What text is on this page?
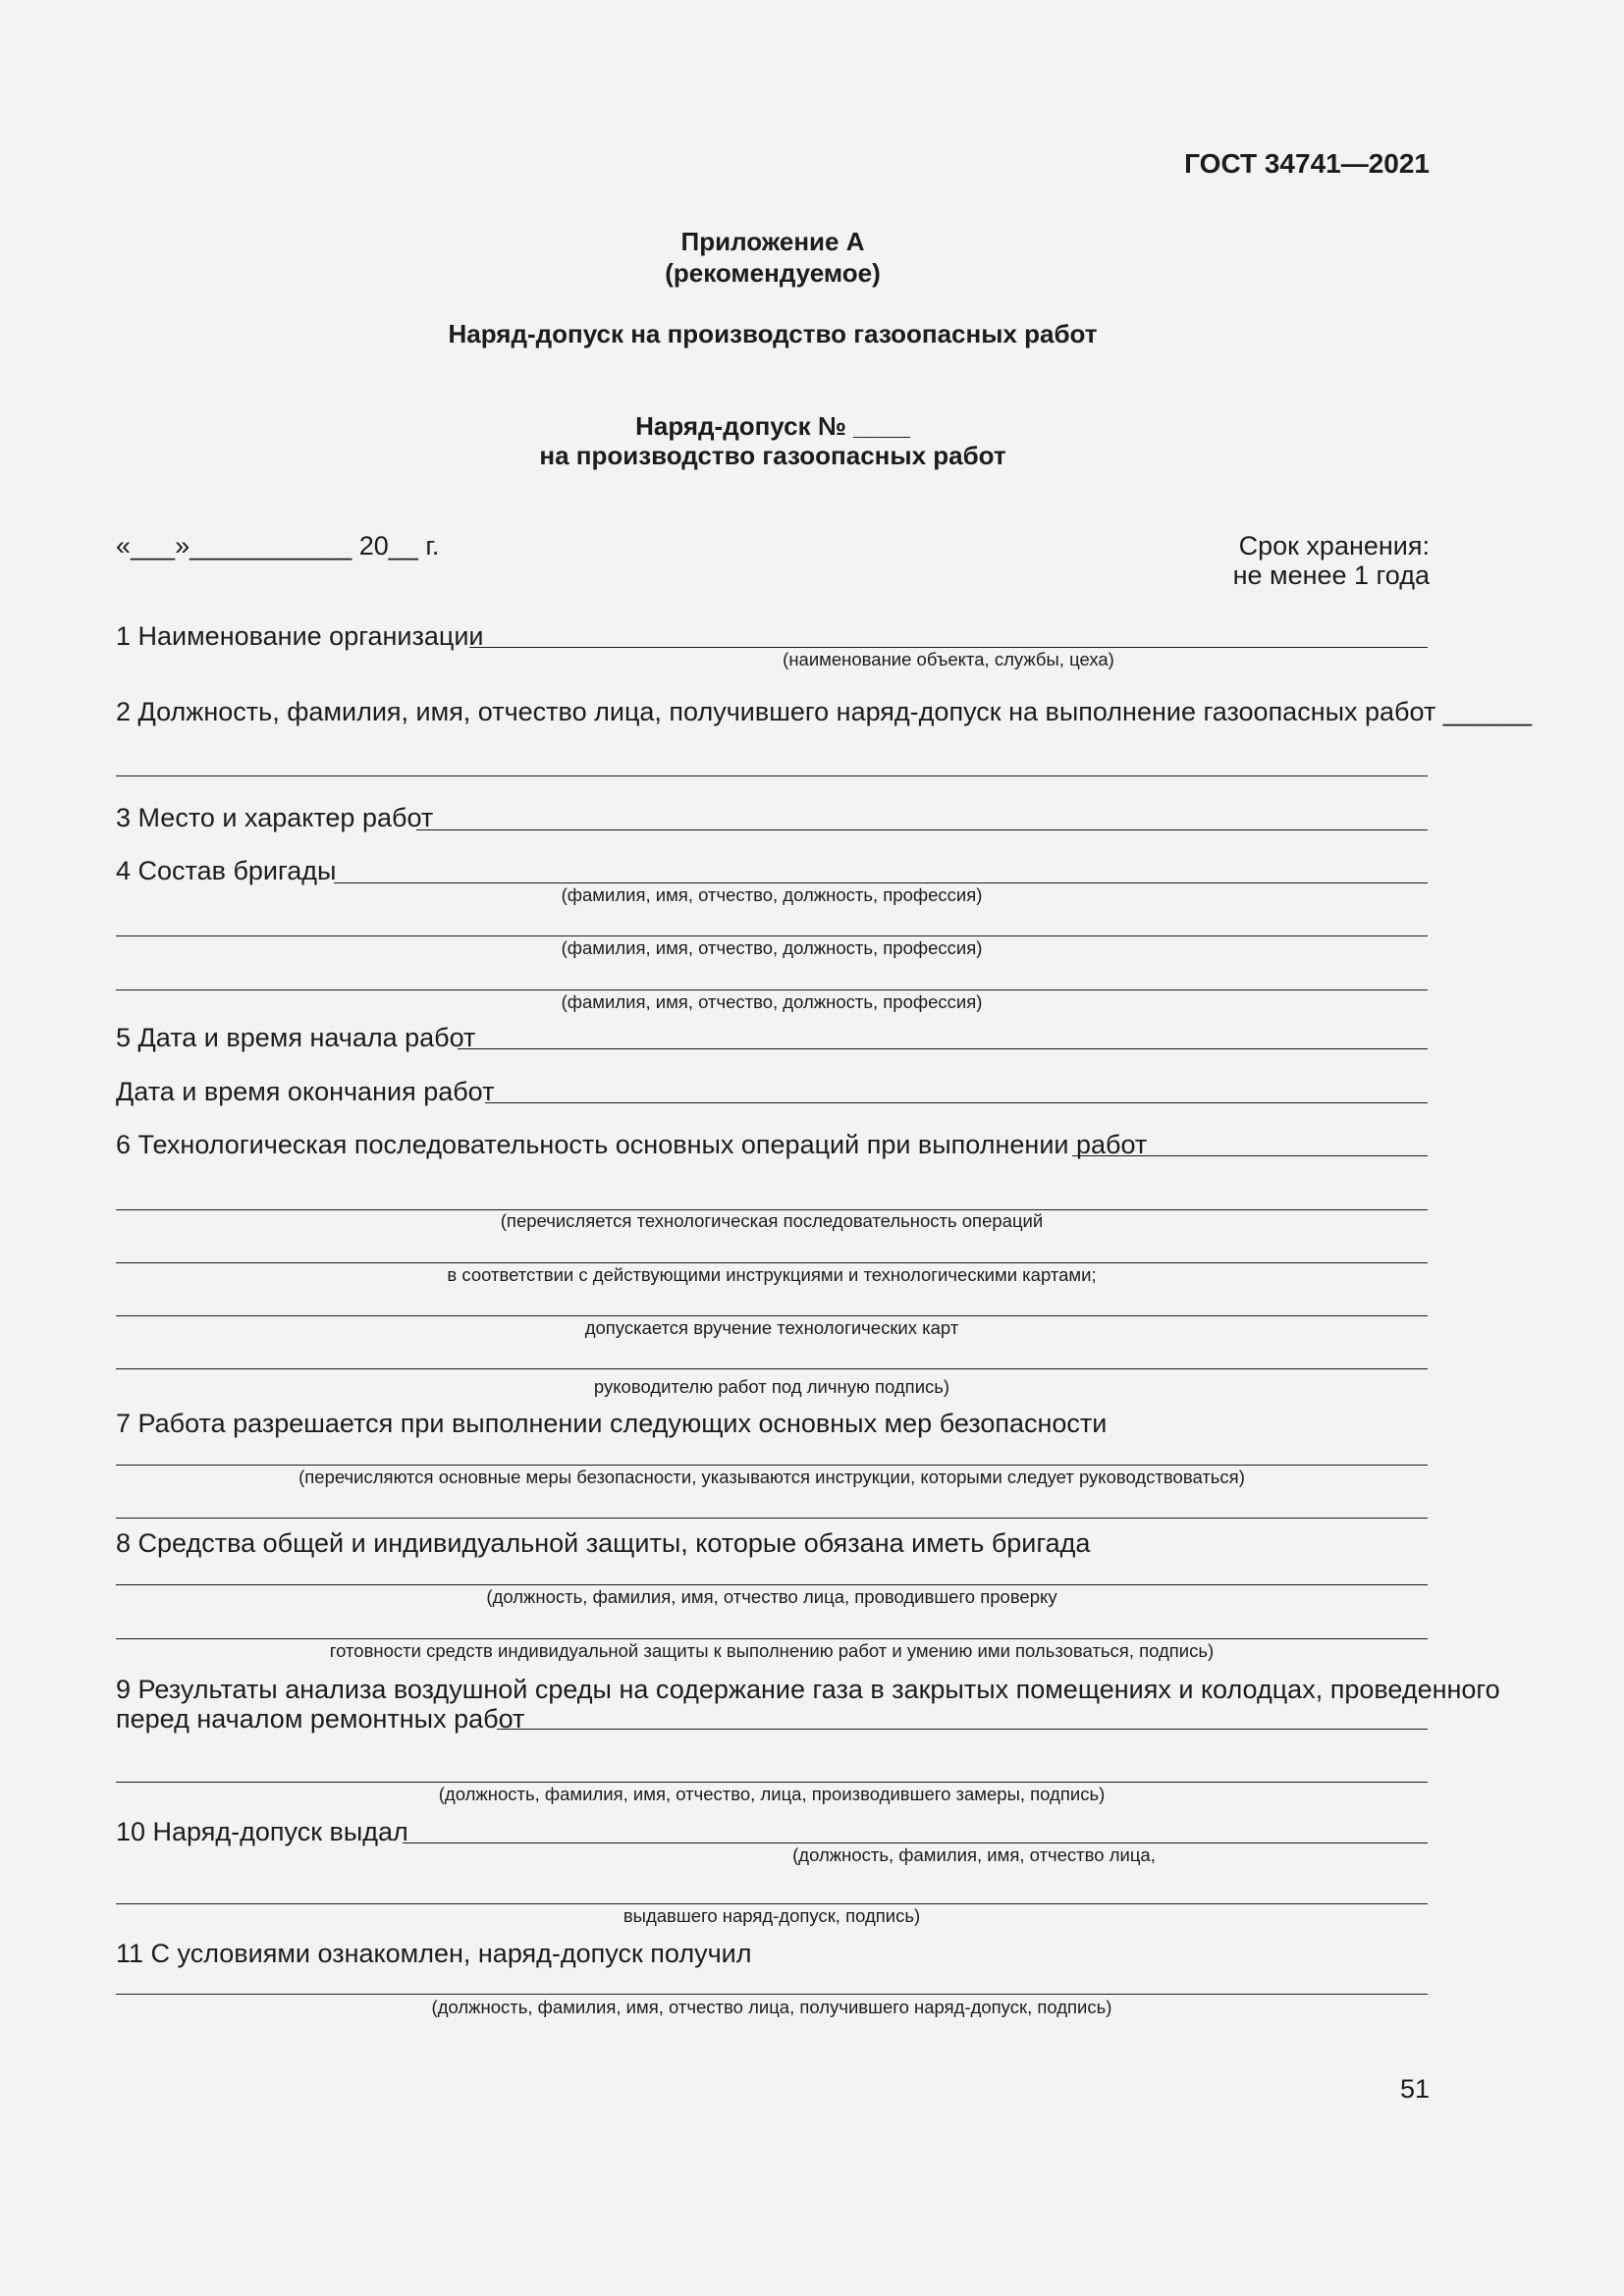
ГОСТ 34741—2021
Приложение А
(рекомендуемое)
Наряд-допуск на производство газоопасных работ
Наряд-допуск № ____
на производство газоопасных работ
«___»___________ 20__ г.	Срок хранения:
не менее 1 года
1 Наименование организации
(наименование объекта, службы, цеха)
2 Должность, фамилия, имя, отчество лица, получившего наряд-допуск на выполнение газоопасных работ ______
3 Место и характер работ
4 Состав бригады
(фамилия, имя, отчество, должность, профессия)
(фамилия, имя, отчество, должность, профессия)
(фамилия, имя, отчество, должность, профессия)
5 Дата и время начала работ
Дата и время окончания работ
6 Технологическая последовательность основных операций при выполнении работ
(перечисляется технологическая последовательность операций
в соответствии с действующими инструкциями и технологическими картами;
допускается вручение технологических карт
руководителю работ под личную подпись)
7 Работа разрешается при выполнении следующих основных мер безопасности
(перечисляются основные меры безопасности, указываются инструкции, которыми следует руководствоваться)
8 Средства общей и индивидуальной защиты, которые обязана иметь бригада
(должность, фамилия, имя, отчество лица, проводившего проверку
готовности средств индивидуальной защиты к выполнению работ и умению ими пользоваться, подпись)
9 Результаты анализа воздушной среды на содержание газа в закрытых помещениях и колодцах, проведенного
перед началом ремонтных работ
(должность, фамилия, имя, отчество, лица, производившего замеры, подпись)
10 Наряд-допуск выдал
(должность, фамилия, имя, отчество лица,
выдавшего наряд-допуск, подпись)
11 С условиями ознакомлен, наряд-допуск получил
(должность, фамилия, имя, отчество лица, получившего наряд-допуск, подпись)
51
